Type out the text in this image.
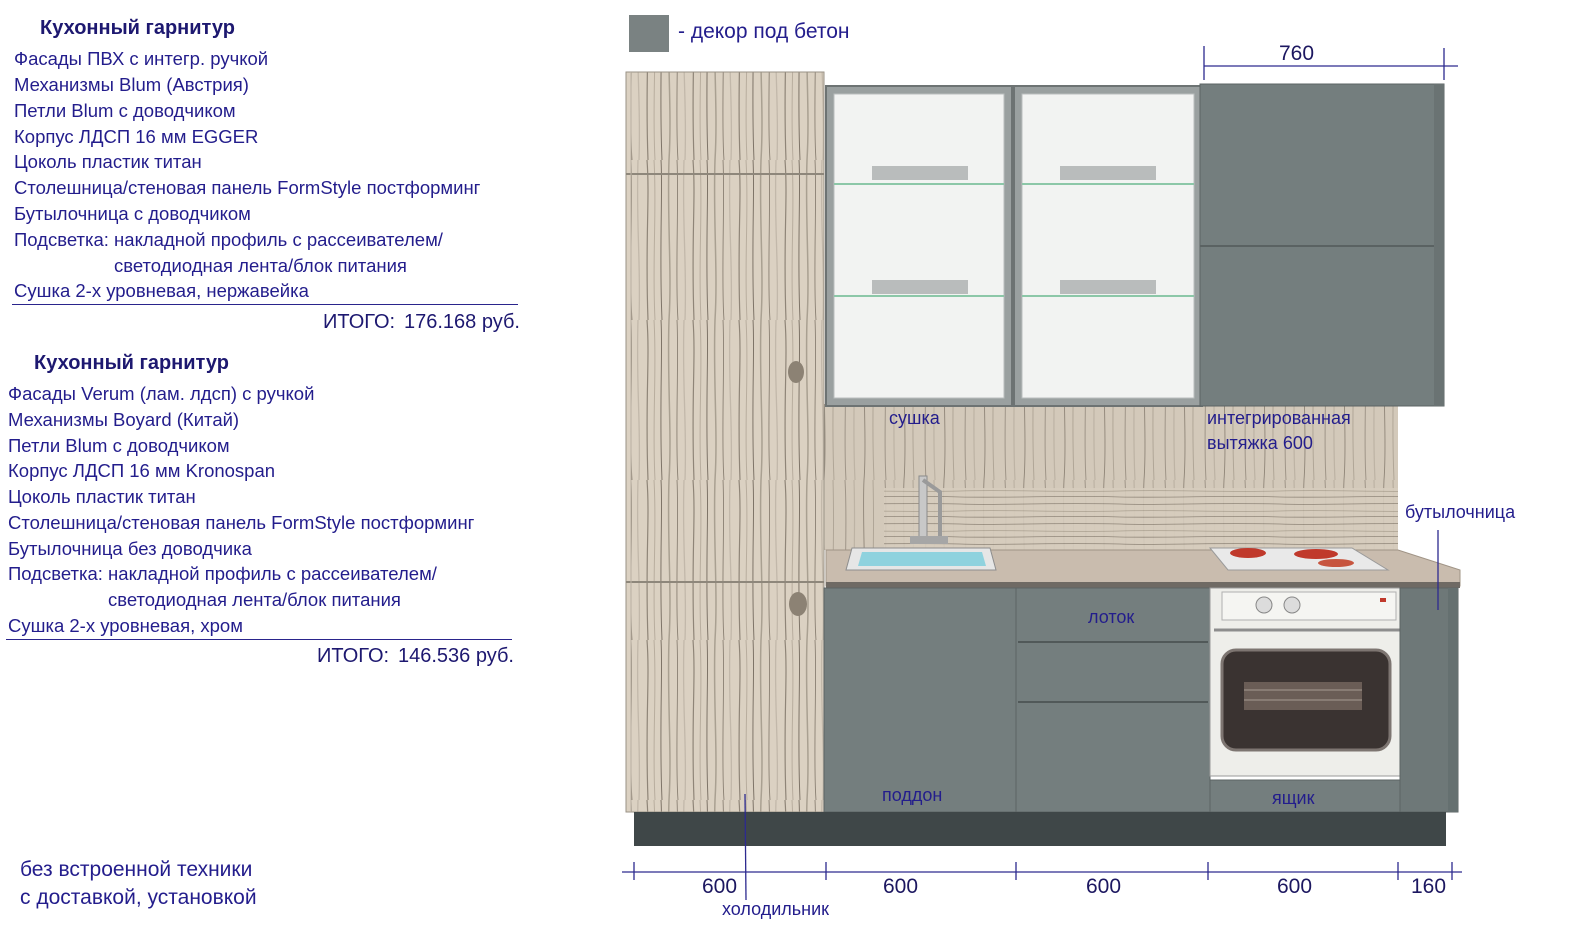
- декор под бетон
Кухонный гарнитур
Фасады ПВХ с интегр. ручкой
Механизмы Blum (Австрия)
Петли Blum с доводчиком
Корпус ЛДСП 16 мм EGGER
Цоколь пластик титан
Столешница/стеновая панель FormStyle постформинг
Бутылочница с доводчиком
Подсветка: накладной профиль с рассеивателем/
светодиодная лента/блок питания
Сушка 2-х уровневая, нержавейка
ИТОГО: 176.168 руб.
Кухонный гарнитур
Фасады Verum (лам. лдсп) с ручкой
Механизмы Boyard (Китай)
Петли Blum с доводчиком
Корпус ЛДСП 16 мм Kronospan
Цоколь пластик титан
Столешница/стеновая панель FormStyle постформинг
Бутылочница без доводчика
Подсветка: накладной профиль с рассеивателем/
светодиодная лента/блок питания
Сушка 2-х уровневая, хром
ИТОГО: 146.536 руб.
без встроенной техники
с доставкой, установкой
сушка	интегрированная
вытяжка 600
бутылочница
лоток
поддон	ящик
холодильник
760
600	600	600	600	160
